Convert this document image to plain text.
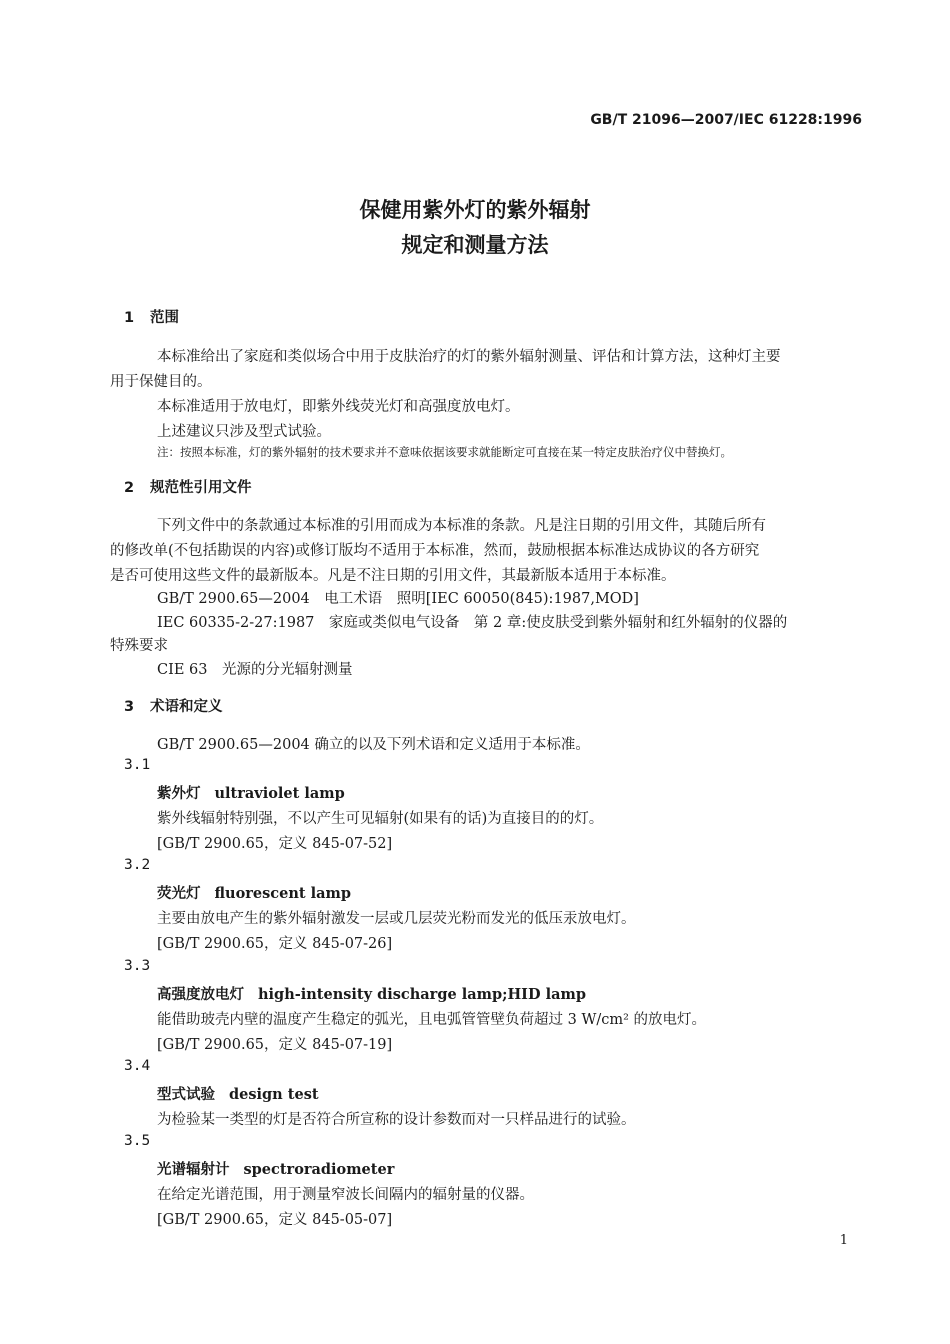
GB/T 21096—2007/IEC 61228:1996
保健用紫外灯的紫外辐射
规定和测量方法
1 范围
本标准给出了家庭和类似场合中用于皮肤治疗的灯的紫外辐射测量、评估和计算方法，这种灯主要
用于保健目的。
本标准适用于放电灯，即紫外线荧光灯和高强度放电灯。
上述建议只涉及型式试验。
注：按照本标准，灯的紫外辐射的技术要求并不意味依据该要求就能断定可直接在某一特定皮肤治疗仪中替换灯。
2 规范性引用文件
下列文件中的条款通过本标准的引用而成为本标准的条款。凡是注日期的引用文件，其随后所有
的修改单(不包括勘误的内容)或修订版均不适用于本标准，然而，鼓励根据本标准达成协议的各方研究
是否可使用这些文件的最新版本。凡是不注日期的引用文件，其最新版本适用于本标准。
GB/T 2900.65—2004　电工术语　照明[IEC 60050(845):1987,MOD]
IEC 60335-2-27:1987　家庭或类似电气设备　第 2 章:使皮肤受到紫外辐射和红外辐射的仪器的
特殊要求
CIE 63　光源的分光辐射测量
3 术语和定义
GB/T 2900.65—2004 确立的以及下列术语和定义适用于本标准。
3.1
紫外灯 ultraviolet lamp
紫外线辐射特别强，不以产生可见辐射(如果有的话)为直接目的的灯。
[GB/T 2900.65，定义 845-07-52]
3.2
荧光灯 fluorescent lamp
主要由放电产生的紫外辐射激发一层或几层荧光粉而发光的低压汞放电灯。
[GB/T 2900.65，定义 845-07-26]
3.3
高强度放电灯 high-intensity discharge lamp;HID lamp
能借助玻壳内壁的温度产生稳定的弧光，且电弧管管壁负荷超过 3 W/cm² 的放电灯。
[GB/T 2900.65，定义 845-07-19]
3.4
型式试验 design test
为检验某一类型的灯是否符合所宣称的设计参数而对一只样品进行的试验。
3.5
光谱辐射计 spectroradiometer
在给定光谱范围，用于测量窄波长间隔内的辐射量的仪器。
[GB/T 2900.65，定义 845-05-07]
1
